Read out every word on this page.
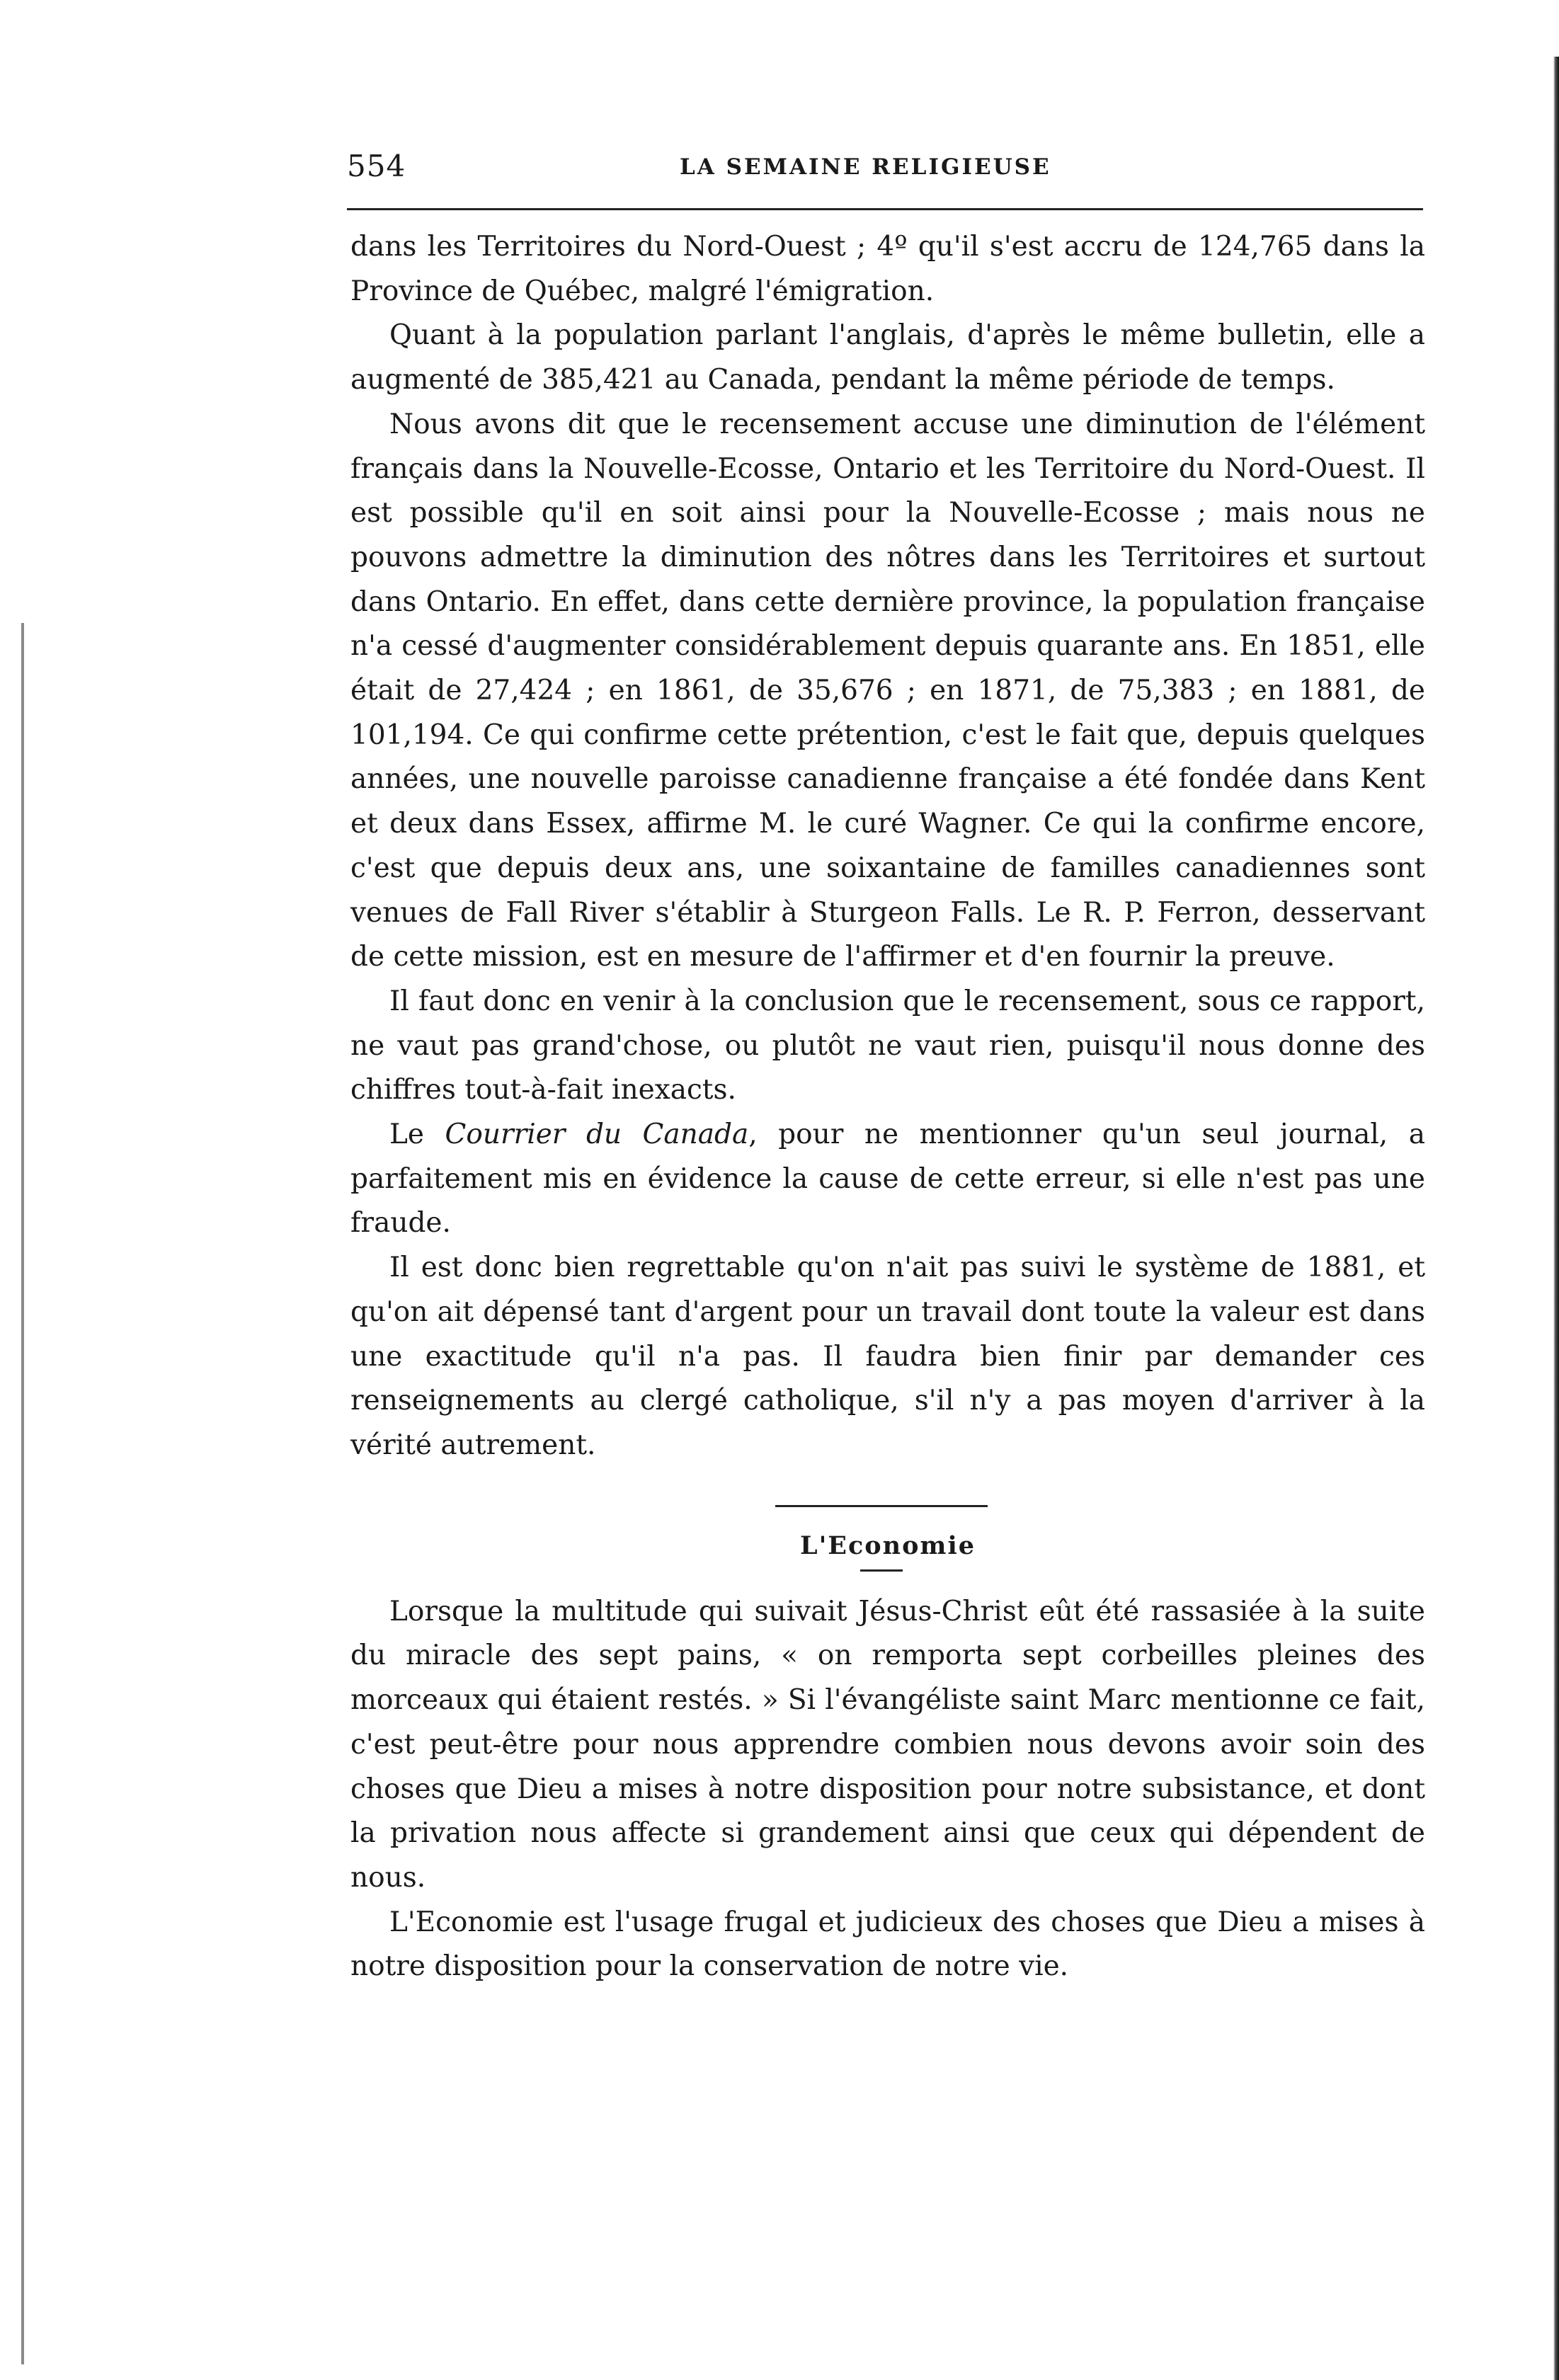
554	LA SEMAINE RELIGIEUSE

dans les Territoires du Nord-Ouest ; 4º qu'il s'est accru de 124,765 dans la Province de Québec, malgré l'émigration.

Quant à la population parlant l'anglais, d'après le même bulletin, elle a augmenté de 385,421 au Canada, pendant la même période de temps.

Nous avons dit que le recensement accuse une diminution de l'élément français dans la Nouvelle-Ecosse, Ontario et les Territoire du Nord-Ouest. Il est possible qu'il en soit ainsi pour la Nouvelle-Ecosse ; mais nous ne pouvons admettre la diminution des nôtres dans les Territoires et surtout dans Ontario. En effet, dans cette dernière province, la population française n'a cessé d'augmenter considérablement depuis quarante ans. En 1851, elle était de 27,424 ; en 1861, de 35,676 ; en 1871, de 75,383 ; en 1881, de 101,194. Ce qui confirme cette prétention, c'est le fait que, depuis quelques années, une nouvelle paroisse canadienne française a été fondée dans Kent et deux dans Essex, affirme M. le curé Wagner. Ce qui la confirme encore, c'est que depuis deux ans, une soixantaine de familles canadiennes sont venues de Fall River s'établir à Sturgeon Falls. Le R. P. Ferron, desservant de cette mission, est en mesure de l'affirmer et d'en fournir la preuve.

Il faut donc en venir à la conclusion que le recensement, sous ce rapport, ne vaut pas grand'chose, ou plutôt ne vaut rien, puisqu'il nous donne des chiffres tout-à-fait inexacts.

Le Courrier du Canada, pour ne mentionner qu'un seul journal, a parfaitement mis en évidence la cause de cette erreur, si elle n'est pas une fraude.

Il est donc bien regrettable qu'on n'ait pas suivi le système de 1881, et qu'on ait dépensé tant d'argent pour un travail dont toute la valeur est dans une exactitude qu'il n'a pas. Il faudra bien finir par demander ces renseignements au clergé catholique, s'il n'y a pas moyen d'arriver à la vérité autrement.

L'Economie

Lorsque la multitude qui suivait Jésus-Christ eût été rassasiée à la suite du miracle des sept pains, « on remporta sept corbeilles pleines des morceaux qui étaient restés. » Si l'évangéliste saint Marc mentionne ce fait, c'est peut-être pour nous apprendre combien nous devons avoir soin des choses que Dieu a mises à notre disposition pour notre subsistance, et dont la privation nous affecte si grandement ainsi que ceux qui dépendent de nous.

L'Economie est l'usage frugal et judicieux des choses que Dieu a mises à notre disposition pour la conservation de notre vie.
